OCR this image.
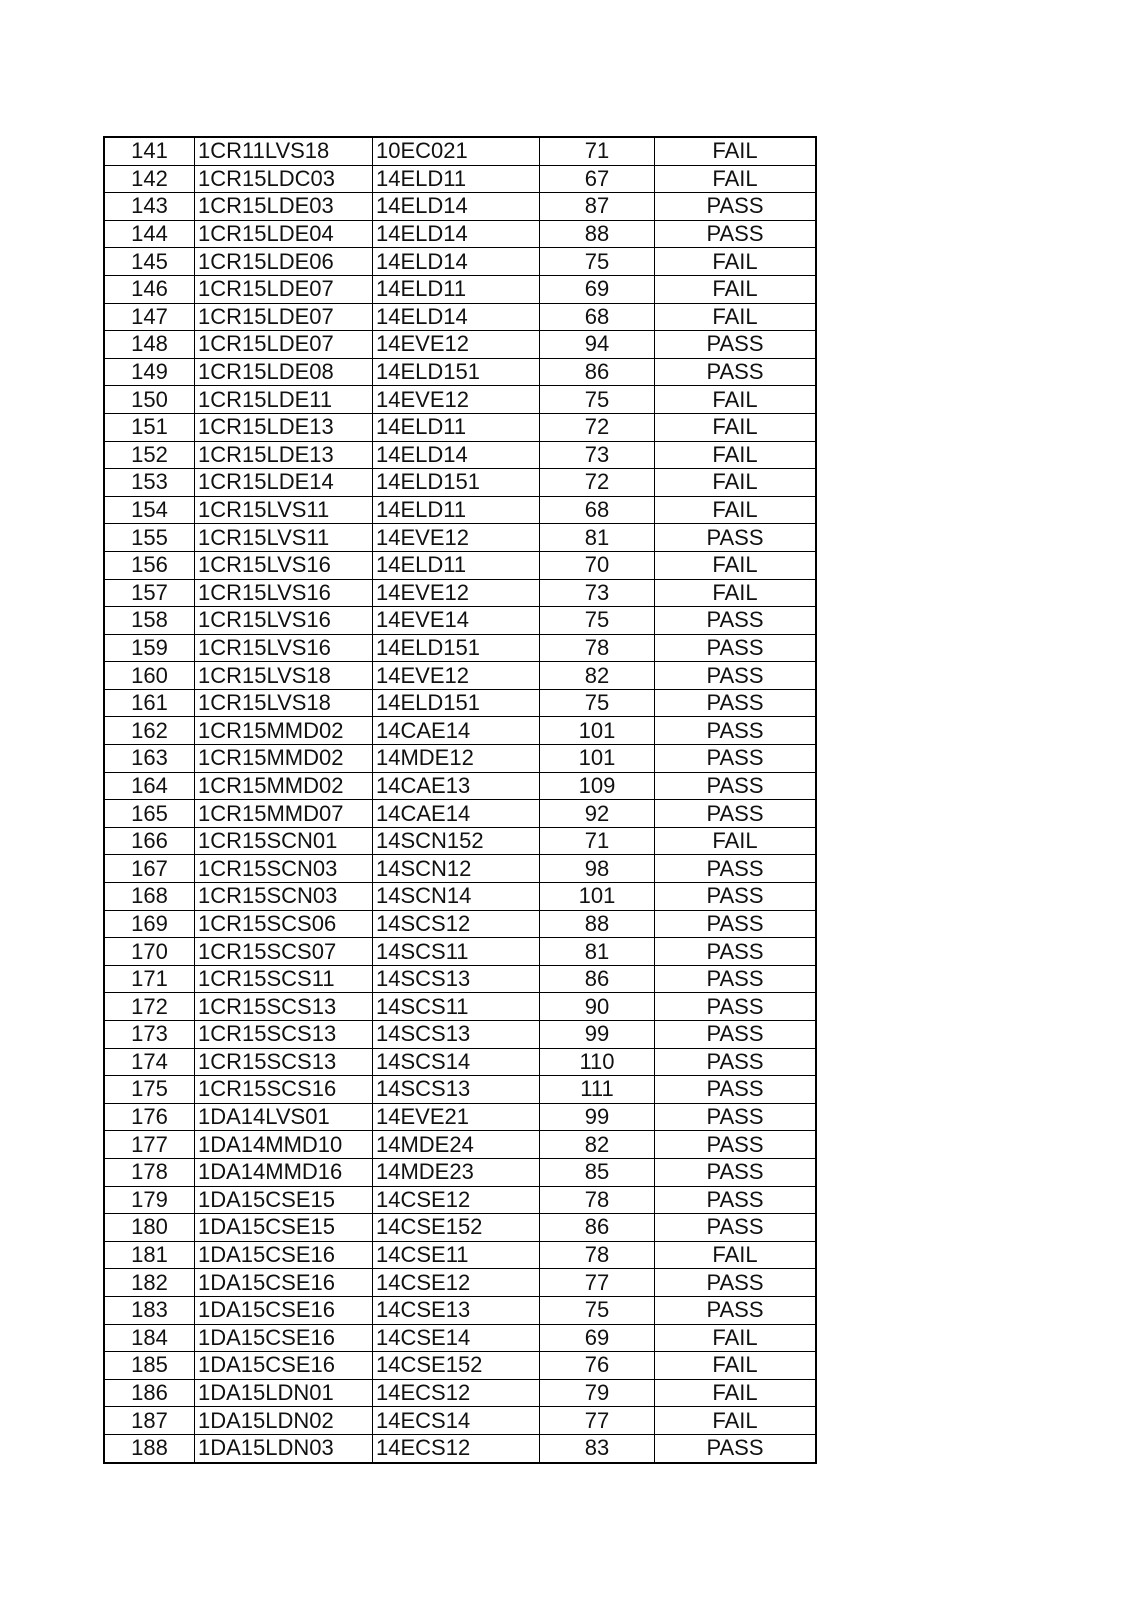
141	1CR11LVS18	10EC021	71	FAIL
142	1CR15LDC03	14ELD11	67	FAIL
143	1CR15LDE03	14ELD14	87	PASS
144	1CR15LDE04	14ELD14	88	PASS
145	1CR15LDE06	14ELD14	75	FAIL
146	1CR15LDE07	14ELD11	69	FAIL
147	1CR15LDE07	14ELD14	68	FAIL
148	1CR15LDE07	14EVE12	94	PASS
149	1CR15LDE08	14ELD151	86	PASS
150	1CR15LDE11	14EVE12	75	FAIL
151	1CR15LDE13	14ELD11	72	FAIL
152	1CR15LDE13	14ELD14	73	FAIL
153	1CR15LDE14	14ELD151	72	FAIL
154	1CR15LVS11	14ELD11	68	FAIL
155	1CR15LVS11	14EVE12	81	PASS
156	1CR15LVS16	14ELD11	70	FAIL
157	1CR15LVS16	14EVE12	73	FAIL
158	1CR15LVS16	14EVE14	75	PASS
159	1CR15LVS16	14ELD151	78	PASS
160	1CR15LVS18	14EVE12	82	PASS
161	1CR15LVS18	14ELD151	75	PASS
162	1CR15MMD02	14CAE14	101	PASS
163	1CR15MMD02	14MDE12	101	PASS
164	1CR15MMD02	14CAE13	109	PASS
165	1CR15MMD07	14CAE14	92	PASS
166	1CR15SCN01	14SCN152	71	FAIL
167	1CR15SCN03	14SCN12	98	PASS
168	1CR15SCN03	14SCN14	101	PASS
169	1CR15SCS06	14SCS12	88	PASS
170	1CR15SCS07	14SCS11	81	PASS
171	1CR15SCS11	14SCS13	86	PASS
172	1CR15SCS13	14SCS11	90	PASS
173	1CR15SCS13	14SCS13	99	PASS
174	1CR15SCS13	14SCS14	110	PASS
175	1CR15SCS16	14SCS13	111	PASS
176	1DA14LVS01	14EVE21	99	PASS
177	1DA14MMD10	14MDE24	82	PASS
178	1DA14MMD16	14MDE23	85	PASS
179	1DA15CSE15	14CSE12	78	PASS
180	1DA15CSE15	14CSE152	86	PASS
181	1DA15CSE16	14CSE11	78	FAIL
182	1DA15CSE16	14CSE12	77	PASS
183	1DA15CSE16	14CSE13	75	PASS
184	1DA15CSE16	14CSE14	69	FAIL
185	1DA15CSE16	14CSE152	76	FAIL
186	1DA15LDN01	14ECS12	79	FAIL
187	1DA15LDN02	14ECS14	77	FAIL
188	1DA15LDN03	14ECS12	83	PASS
